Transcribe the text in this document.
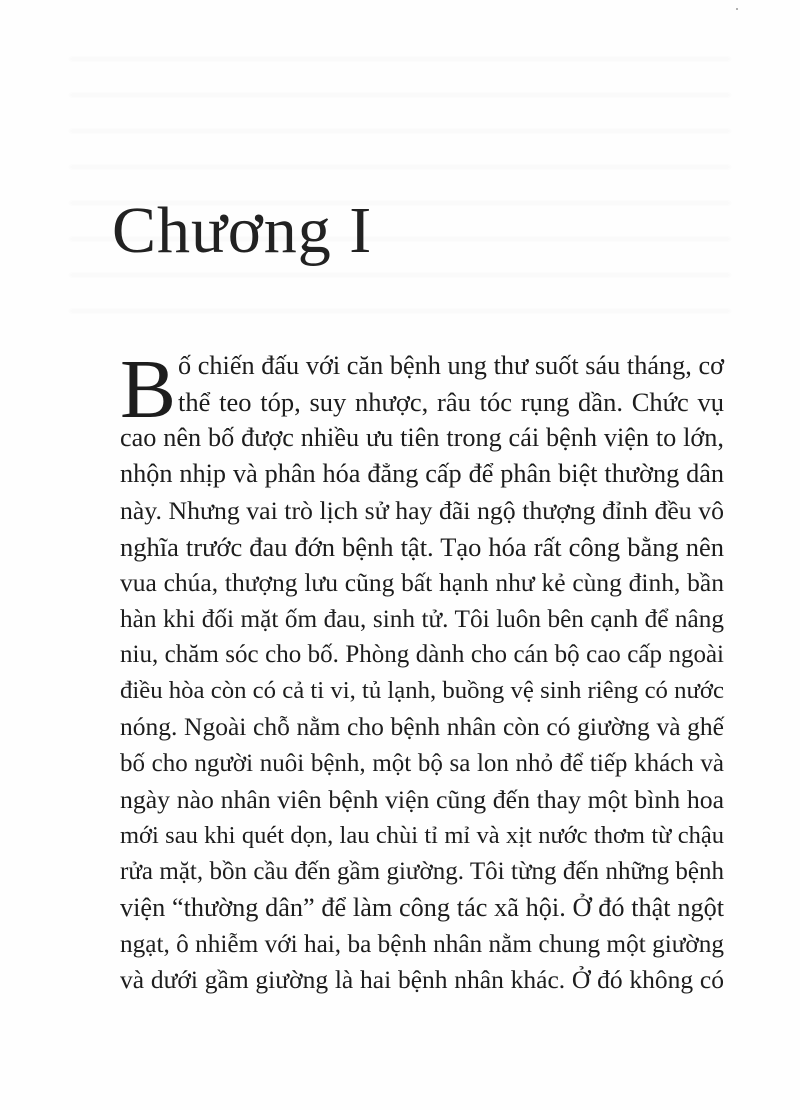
Chương I
B ố chiến đấu với căn bệnh ung thư suốt sáu tháng, cơ
thể teo tóp, suy nhược, râu tóc rụng dần. Chức vụ
cao nên bố được nhiều ưu tiên trong cái bệnh viện to lớn,
nhộn nhịp và phân hóa đẳng cấp để phân biệt thường dân
này. Nhưng vai trò lịch sử hay đãi ngộ thượng đỉnh đều vô
nghĩa trước đau đớn bệnh tật. Tạo hóa rất công bằng nên
vua chúa, thượng lưu cũng bất hạnh như kẻ cùng đinh, bần
hàn khi đối mặt ốm đau, sinh tử. Tôi luôn bên cạnh để nâng
niu, chăm sóc cho bố. Phòng dành cho cán bộ cao cấp ngoài
điều hòa còn có cả ti vi, tủ lạnh, buồng vệ sinh riêng có nước
nóng. Ngoài chỗ nằm cho bệnh nhân còn có giường và ghế
bố cho người nuôi bệnh, một bộ sa lon nhỏ để tiếp khách và
ngày nào nhân viên bệnh viện cũng đến thay một bình hoa
mới sau khi quét dọn, lau chùi tỉ mỉ và xịt nước thơm từ chậu
rửa mặt, bồn cầu đến gầm giường. Tôi từng đến những bệnh
viện “thường dân” để làm công tác xã hội. Ở đó thật ngột
ngạt, ô nhiễm với hai, ba bệnh nhân nằm chung một giường
và dưới gầm giường là hai bệnh nhân khác. Ở đó không có
